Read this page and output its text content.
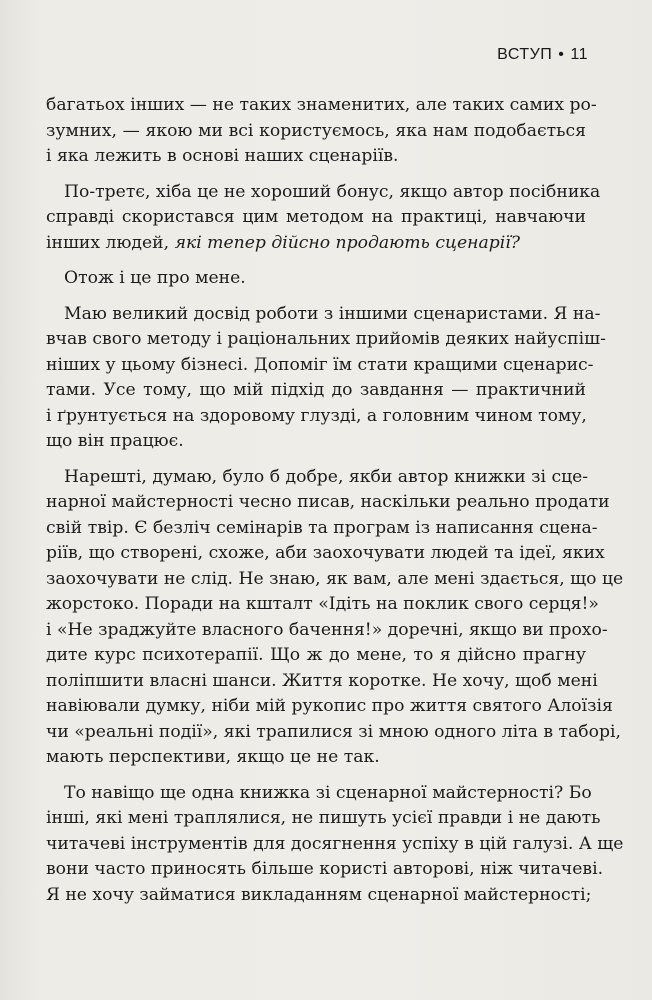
ВСТУП • 11

багатьох інших — не таких знаменитих, але таких самих ро-
зумних, — якою ми всі користуємось, яка нам подобається
і яка лежить в основі наших сценаріїв.

По-третє, хіба це не хороший бонус, якщо автор посібника
справді скористався цим методом на практиці, навчаючи
інших людей, які тепер дійсно продають сценарії?

Отож і це про мене.

Маю великий досвід роботи з іншими сценаристами. Я на-
вчав свого методу і раціональних прийомів деяких найуспіш-
ніших у цьому бізнесі. Допоміг їм стати кращими сценарис-
тами. Усе тому, що мій підхід до завдання — практичний
і ґрунтується на здоровому глузді, а головним чином тому,
що він працює.

Нарешті, думаю, було б добре, якби автор книжки зі сце-
нарної майстерності чесно писав, наскільки реально продати
свій твір. Є безліч семінарів та програм із написання сцена-
ріїв, що створені, схоже, аби заохочувати людей та ідеї, яких
заохочувати не слід. Не знаю, як вам, але мені здається, що це
жорстоко. Поради на кшталт «Ідіть на поклик свого серця!»
і «Не зраджуйте власного бачення!» доречні, якщо ви прохо-
дите курс психотерапії. Що ж до мене, то я дійсно прагну
поліпшити власні шанси. Життя коротке. Не хочу, щоб мені
навіювали думку, ніби мій рукопис про життя святого Алоїзія
чи «реальні події», які трапилися зі мною одного літа в таборі,
мають перспективи, якщо це не так.

То навіщо ще одна книжка зі сценарної майстерності? Бо
інші, які мені траплялися, не пишуть усієї правди і не дають
читачеві інструментів для досягнення успіху в цій галузі. А ще
вони часто приносять більше користі авторові, ніж читачеві.
Я не хочу займатися викладанням сценарної майстерності;
